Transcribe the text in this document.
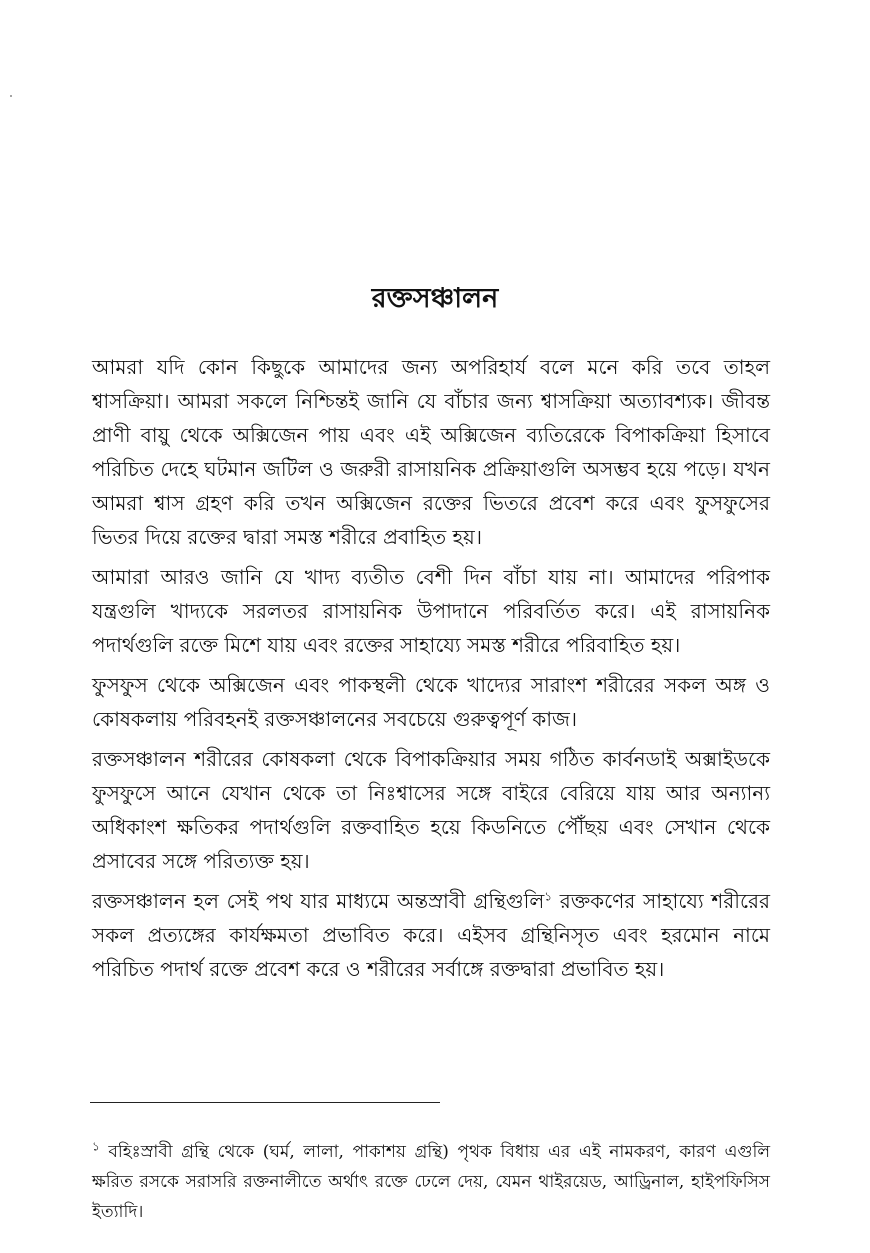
রক্তসঞ্চালন

আমরা যদি কোন কিছুকে আমাদের জন্য অপরিহার্য বলে মনে করি তবে তাহল শ্বাসক্রিয়া। আমরা সকলে নিশ্চিন্তই জানি যে বাঁচার জন্য শ্বাসক্রিয়া অত্যাবশ্যক। জীবন্ত প্রাণী বায়ু থেকে অক্সিজেন পায় এবং এই অক্সিজেন ব্যতিরেকে বিপাকক্রিয়া হিসাবে পরিচিত দেহে ঘটমান জটিল ও জরুরী রাসায়নিক প্রক্রিয়াগুলি অসম্ভব হয়ে পড়ে। যখন আমরা শ্বাস গ্রহণ করি তখন অক্সিজেন রক্তের ভিতরে প্রবেশ করে এবং ফুসফুসের ভিতর দিয়ে রক্তের দ্বারা সমস্ত শরীরে প্রবাহিত হয়।

আমারা আরও জানি যে খাদ্য ব্যতীত বেশী দিন বাঁচা যায় না। আমাদের পরিপাক যন্ত্রগুলি খাদ্যকে সরলতর রাসায়নিক উপাদানে পরিবর্তিত করে। এই রাসায়নিক পদার্থগুলি রক্তে মিশে যায় এবং রক্তের সাহায্যে সমস্ত শরীরে পরিবাহিত হয়।

ফুসফুস থেকে অক্সিজেন এবং পাকস্থলী থেকে খাদ্যের সারাংশ শরীরের সকল অঙ্গ ও কোষকলায় পরিবহনই রক্তসঞ্চালনের সবচেয়ে গুরুত্বপূর্ণ কাজ।

রক্তসঞ্চালন শরীরের কোষকলা থেকে বিপাকক্রিয়ার সময় গঠিত কার্বনডাই অক্সাইডকে ফুসফুসে আনে যেখান থেকে তা নিঃশ্বাসের সঙ্গে বাইরে বেরিয়ে যায় আর অন্যান্য অধিকাংশ ক্ষতিকর পদার্থগুলি রক্তবাহিত হয়ে কিডনিতে পৌঁছয় এবং সেখান থেকে প্রসাবের সঙ্গে পরিত্যক্ত হয়।

রক্তসঞ্চালন হল সেই পথ যার মাধ্যমে অন্তস্রাবী গ্রন্থিগুলি$^১$ রক্তকণের সাহায্যে শরীরের সকল প্রত্যঙ্গের কার্যক্ষমতা প্রভাবিত করে। এইসব গ্রন্থিনিসৃত এবং হরমোন নামে পরিচিত পদার্থ রক্তে প্রবেশ করে ও শরীরের সর্বাঙ্গে রক্তদ্বারা প্রভাবিত হয়।

$^১$ বহিঃস্রাবী গ্রন্থি থেকে (ঘর্ম, লালা, পাকাশয় গ্রন্থি) পৃথক বিধায় এর এই নামকরণ, কারণ এগুলি ক্ষরিত রসকে সরাসরি রক্তনালীতে অর্থাৎ রক্তে ঢেলে দেয়, যেমন থাইরয়েড, আড্রিনাল, হাইপফিসিস ইত্যাদি।
